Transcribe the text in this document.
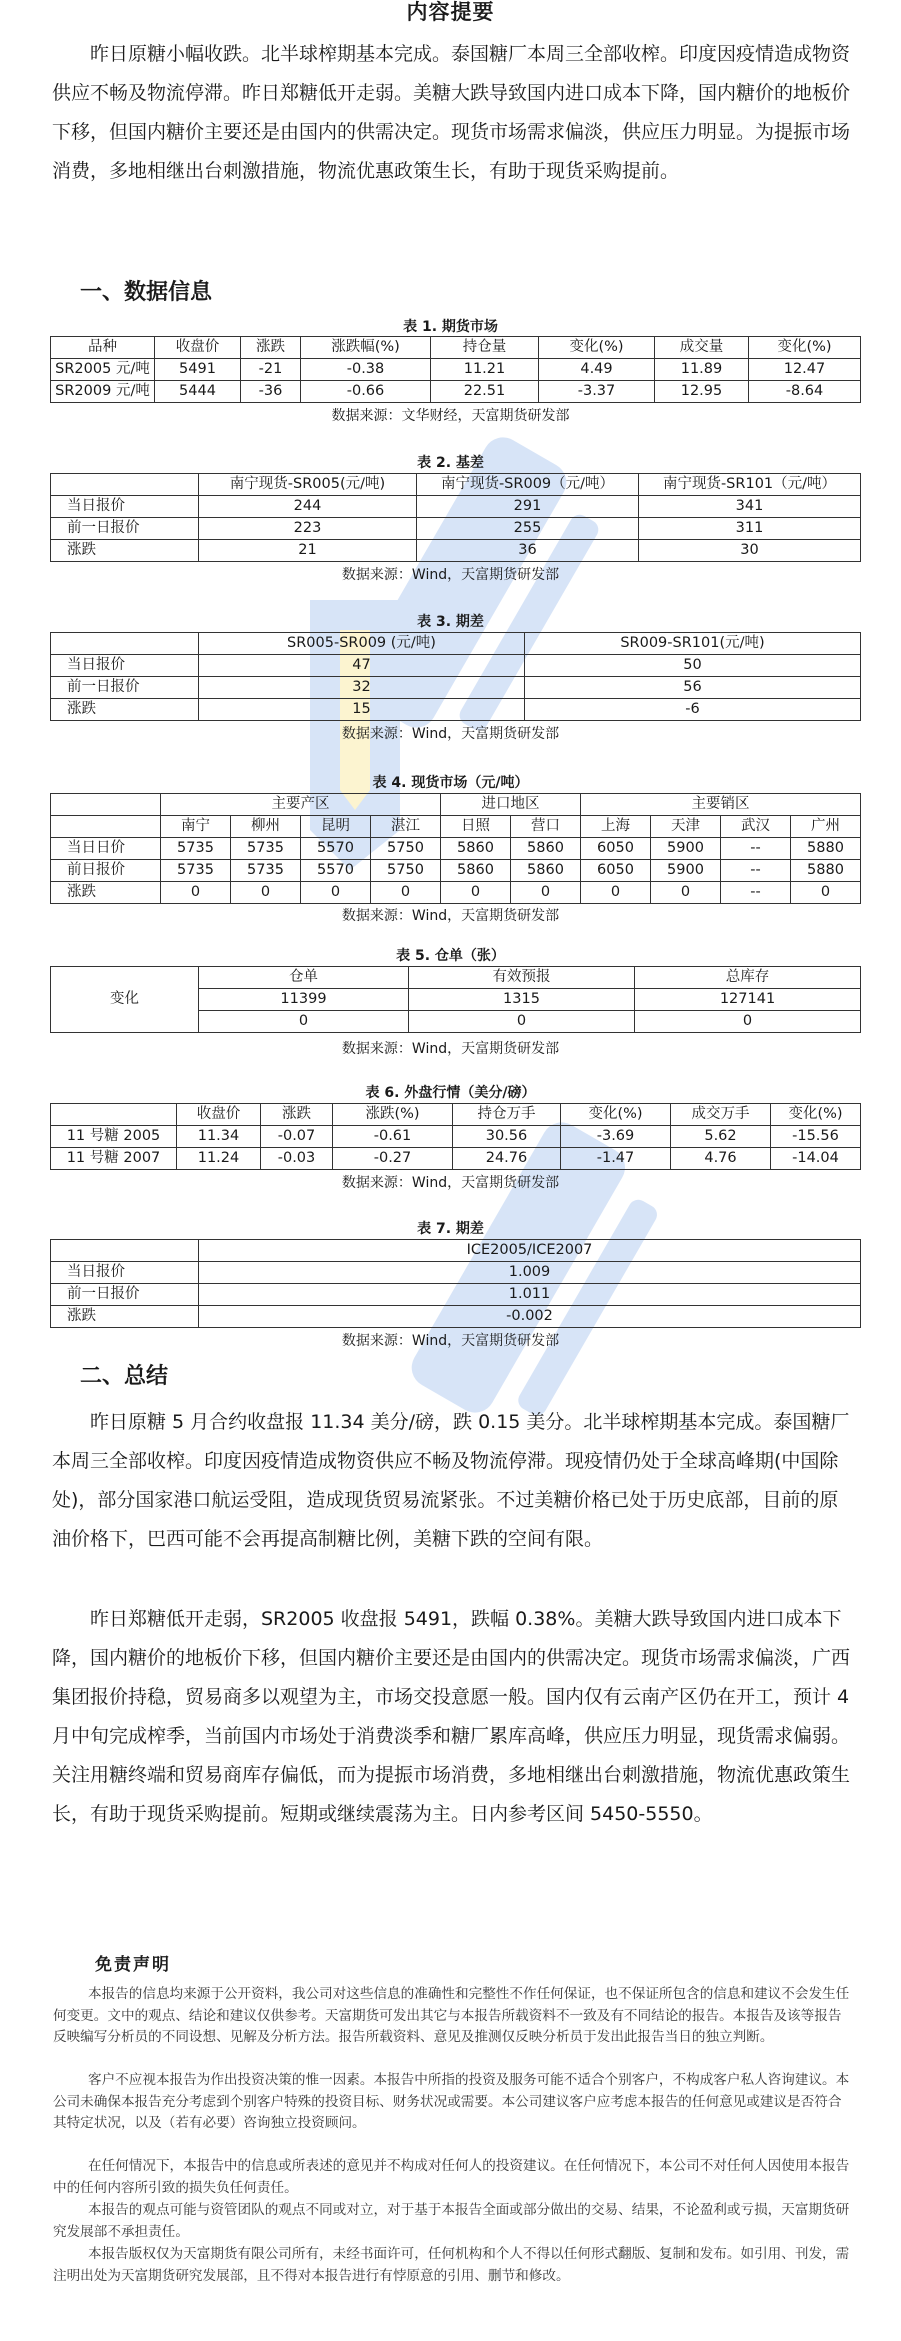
内容提要

昨日原糖小幅收跌。北半球榨期基本完成。泰国糖厂本周三全部收榨。印度因疫情造成物资供应不畅及物流停滞。昨日郑糖低开走弱。美糖大跌导致国内进口成本下降，国内糖价的地板价下移，但国内糖价主要还是由国内的供需决定。现货市场需求偏淡，供应压力明显。为提振市场消费，多地相继出台刺激措施，物流优惠政策生长，有助于现货采购提前。

一、数据信息
表 1. 期货市场
品种	收盘价	涨跌	涨跌幅(%)	持仓量	变化(%)	成交量	变化(%)
SR2005 元/吨	5491	-21	-0.38	11.21	4.49	11.89	12.47
SR2009 元/吨	5444	-36	-0.66	22.51	-3.37	12.95	-8.64
数据来源：文华财经，天富期货研发部
表 2. 基差
	南宁现货-SR005(元/吨)	南宁现货-SR009（元/吨）	南宁现货-SR101（元/吨）
当日报价	244	291	341
前一日报价	223	255	311
涨跌	21	36	30
数据来源：Wind，天富期货研发部
表 3. 期差
	SR005-SR009 (元/吨)	SR009-SR101(元/吨)
当日报价	47	50
前一日报价	32	56
涨跌	15	-6
数据来源：Wind，天富期货研发部
表 4. 现货市场（元/吨）
	主要产区				进口地区		主要销区			
	南宁	柳州	昆明	湛江	日照	营口	上海	天津	武汉	广州
当日日价	5735	5735	5570	5750	5860	5860	6050	5900	--	5880
前日报价	5735	5735	5570	5750	5860	5860	6050	5900	--	5880
涨跌	0	0	0	0	0	0	0	0	--	0
数据来源：Wind，天富期货研发部
表 5. 仓单（张）
变化	仓单	有效预报	总库存
	11399	1315	127141
	0	0	0
数据来源：Wind，天富期货研发部
表 6. 外盘行情（美分/磅）
	收盘价	涨跌	涨跌(%)	持仓万手	变化(%)	成交万手	变化(%)
11 号糖 2005	11.34	-0.07	-0.61	30.56	-3.69	5.62	-15.56
11 号糖 2007	11.24	-0.03	-0.27	24.76	-1.47	4.76	-14.04
数据来源：Wind，天富期货研发部
表 7. 期差
	ICE2005/ICE2007
当日报价	1.009
前一日报价	1.011
涨跌	-0.002
数据来源：Wind，天富期货研发部
二、总结

昨日原糖 5 月合约收盘报 11.34 美分/磅，跌 0.15 美分。北半球榨期基本完成。泰国糖厂本周三全部收榨。印度因疫情造成物资供应不畅及物流停滞。现疫情仍处于全球高峰期(中国除处)，部分国家港口航运受阻，造成现货贸易流紧张。不过美糖价格已处于历史底部，目前的原油价格下，巴西可能不会再提高制糖比例，美糖下跌的空间有限。

昨日郑糖低开走弱，SR2005 收盘报 5491，跌幅 0.38%。美糖大跌导致国内进口成本下降，国内糖价的地板价下移，但国内糖价主要还是由国内的供需决定。现货市场需求偏淡，广西集团报价持稳，贸易商多以观望为主，市场交投意愿一般。国内仅有云南产区仍在开工，预计 4 月中旬完成榨季，当前国内市场处于消费淡季和糖厂累库高峰，供应压力明显，现货需求偏弱。关注用糖终端和贸易商库存偏低，而为提振市场消费，多地相继出台刺激措施，物流优惠政策生长，有助于现货采购提前。短期或继续震荡为主。日内参考区间 5450-5550。

免责声明

本报告的信息均来源于公开资料，我公司对这些信息的准确性和完整性不作任何保证，也不保证所包含的信息和建议不会发生任何变更。文中的观点、结论和建议仅供参考。天富期货可发出其它与本报告所载资料不一致及有不同结论的报告。本报告及该等报告反映编写分析员的不同设想、见解及分析方法。报告所载资料、意见及推测仅反映分析员于发出此报告当日的独立判断。

客户不应视本报告为作出投资决策的惟一因素。本报告中所指的投资及服务可能不适合个别客户，不构成客户私人咨询建议。本公司未确保本报告充分考虑到个别客户特殊的投资目标、财务状况或需要。本公司建议客户应考虑本报告的任何意见或建议是否符合其特定状况，以及（若有必要）咨询独立投资顾问。

在任何情况下，本报告中的信息或所表述的意见并不构成对任何人的投资建议。在任何情况下，本公司不对任何人因使用本报告中的任何内容所引致的损失负任何责任。

本报告的观点可能与资管团队的观点不同或对立，对于基于本报告全面或部分做出的交易、结果，不论盈利或亏损，天富期货研究发展部不承担责任。

本报告版权仅为天富期货有限公司所有，未经书面许可，任何机构和个人不得以任何形式翻版、复制和发布。如引用、刊发，需注明出处为天富期货研究发展部，且不得对本报告进行有悖原意的引用、删节和修改。
